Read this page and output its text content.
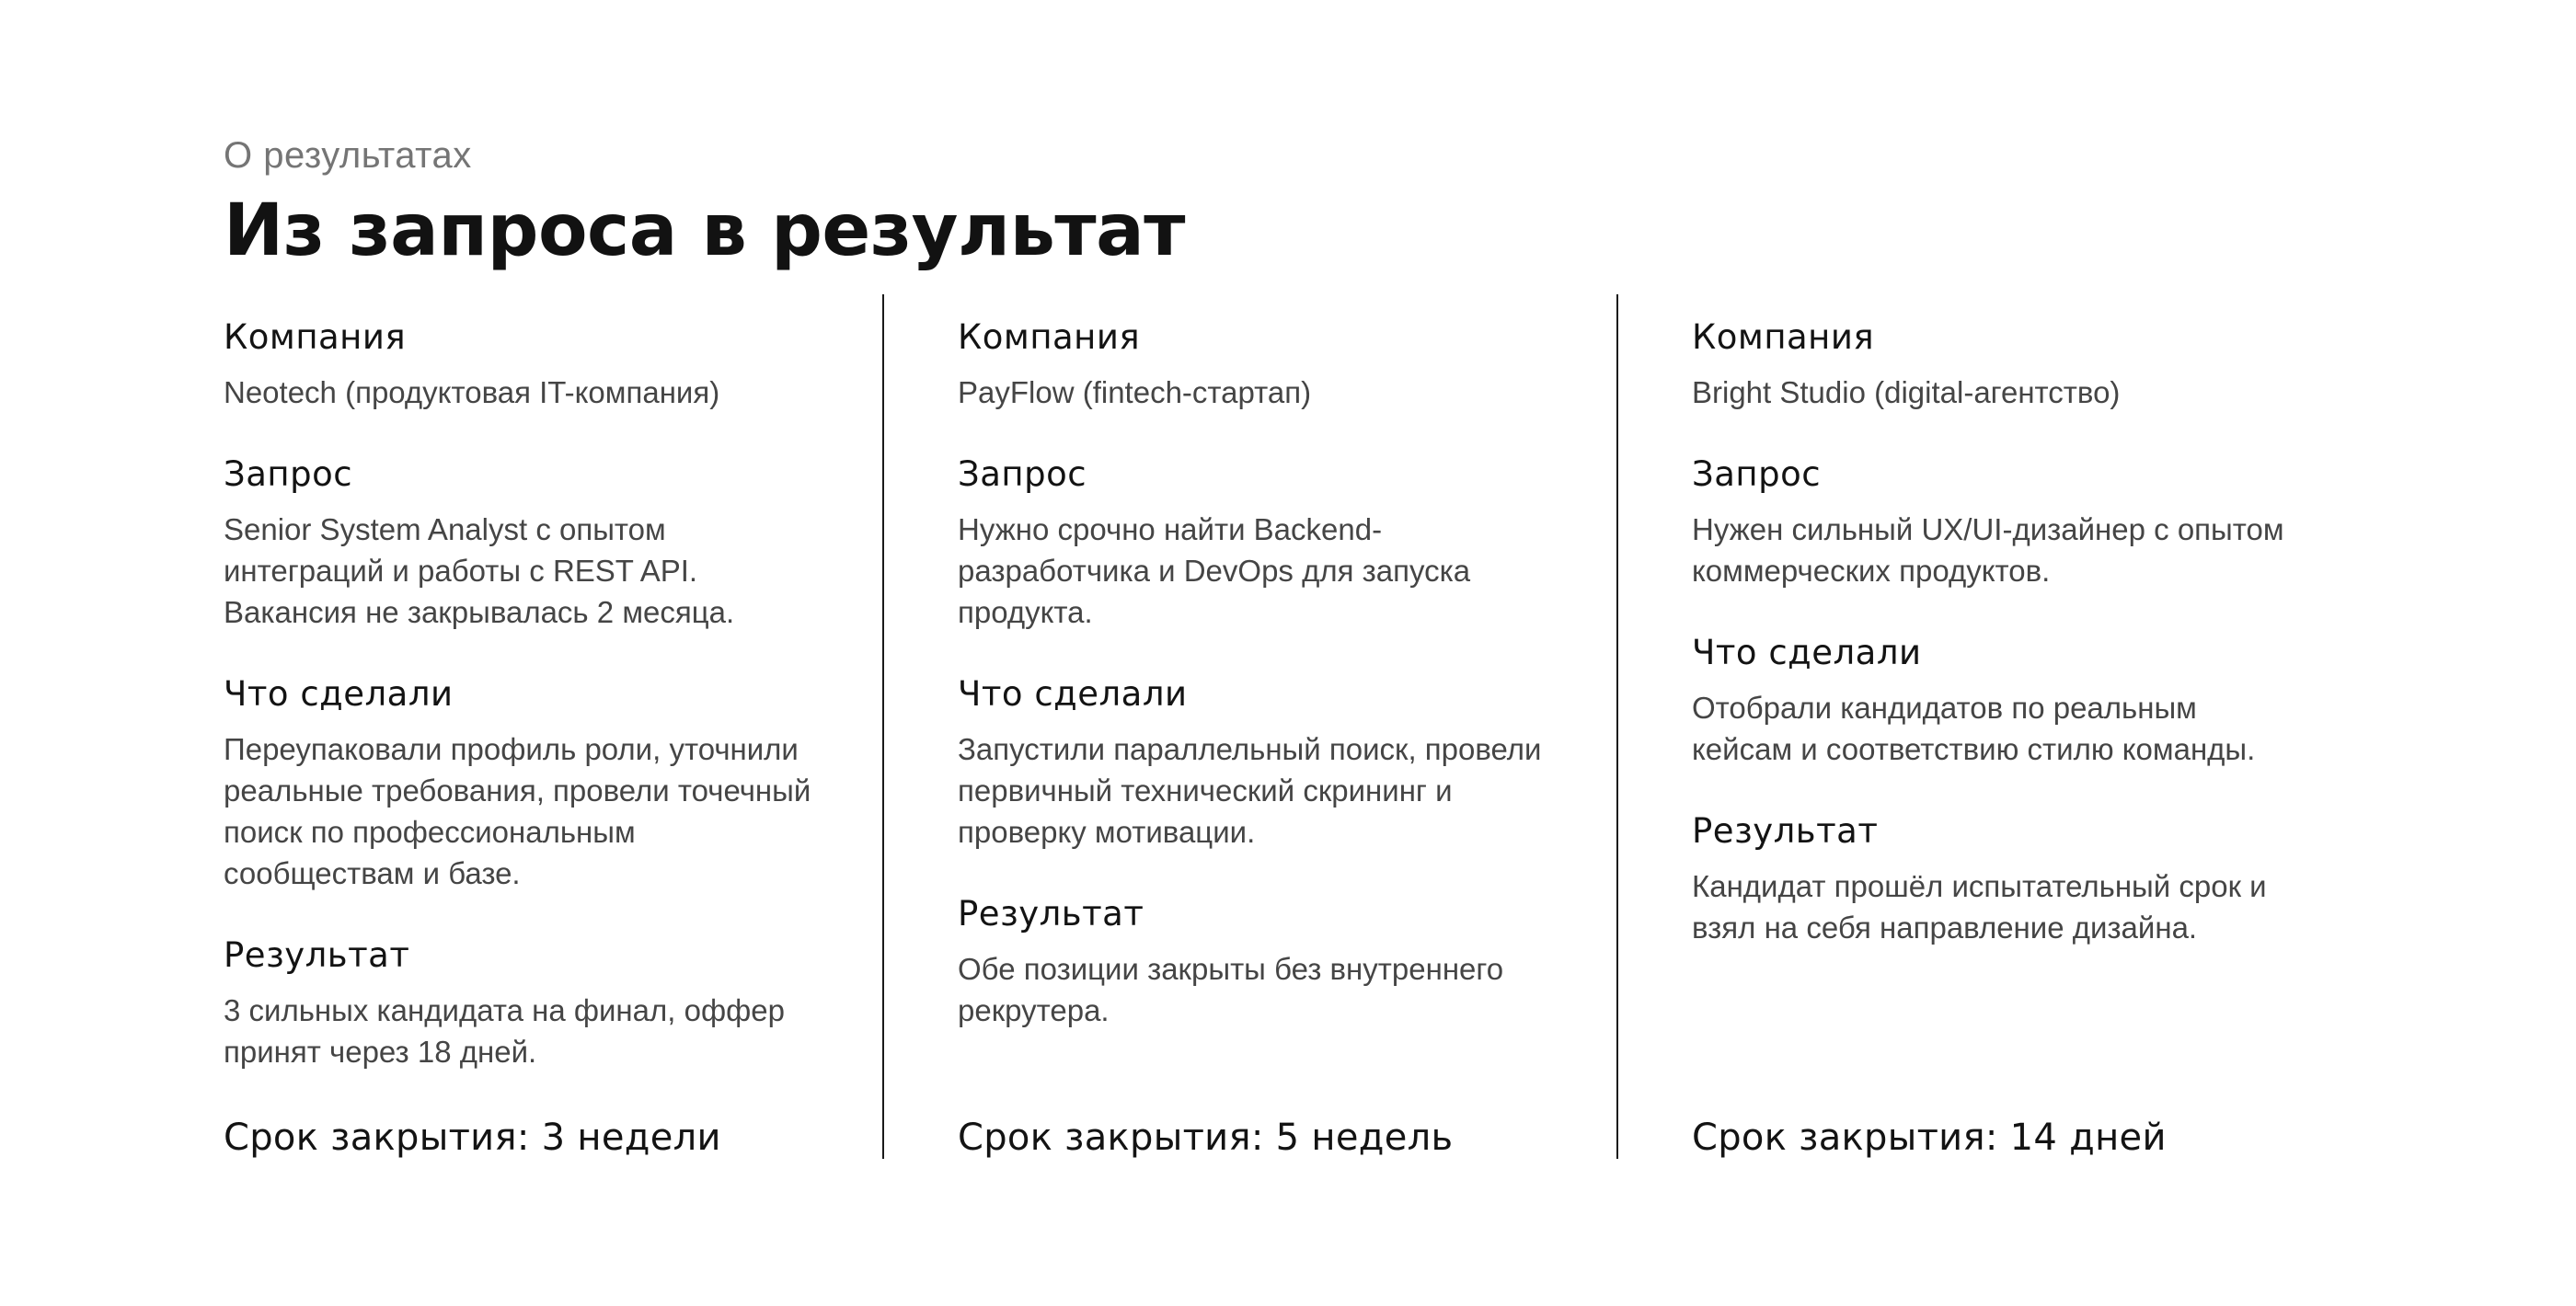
О результатах
Из запроса в результат
Компания

Neotech (продуктовая IT-компания)

Запрос

Senior System Analyst с опытом интеграций и работы с REST API. Вакансия не закрывалась 2 месяца.

Что сделали

Переупаковали профиль роли, уточнили реальные требования, провели точечный поиск по профессиональным сообществам и базе.

Результат

3 сильных кандидата на финал, оффер принят через 18 дней.

Срок закрытия: 3 недели
Компания

PayFlow (fintech-стартап)

Запрос

Нужно срочно найти Backend-разработчика и DevOps для запуска продукта.

Что сделали

Запустили параллельный поиск, провели первичный технический скрининг и проверку мотивации.

Результат

Обе позиции закрыты без внутреннего рекрутера.

Срок закрытия: 5 недель
Компания

Bright Studio (digital-агентство)

Запрос

Нужен сильный UX/UI-дизайнер с опытом коммерческих продуктов.

Что сделали

Отобрали кандидатов по реальным кейсам и соответствию стилю команды.

Результат

Кандидат прошёл испытательный срок и взял на себя направление дизайна.

Срок закрытия: 14 дней
